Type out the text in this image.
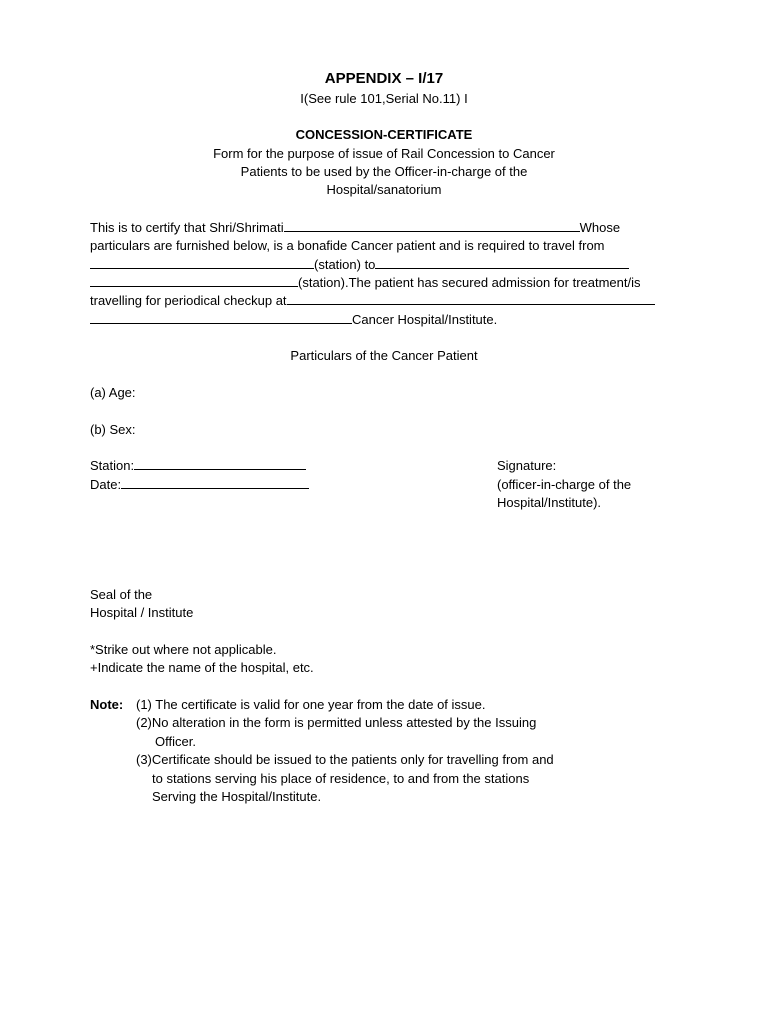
APPENDIX – I/17
I(See rule 101,Serial No.11) I
CONCESSION-CERTIFICATE
Form for the purpose of issue of Rail Concession to Cancer
Patients to be used by the Officer-in-charge of the
Hospital/sanatorium
This is to certify that Shri/Shrimati	Whose
particulars are furnished below, is a bonafide Cancer patient and is required to travel from
(station) to
(station).The patient has secured admission for treatment/is
travelling for periodical checkup at
Cancer Hospital/Institute.
Particulars of the Cancer Patient
(a) Age:
(b) Sex:
Station:
Date:
Signature:
(officer-in-charge of the
Hospital/Institute).
Seal of the
Hospital / Institute
*Strike out where not applicable.
+Indicate the name of the hospital, etc.
Note: (1) The certificate is valid for one year from the date of issue.
(2)No alteration in the form is permitted unless attested by the Issuing
Officer.
(3)Certificate should be issued to the patients only for travelling from and
to stations serving his place of residence, to and from the stations
Serving the Hospital/Institute.
